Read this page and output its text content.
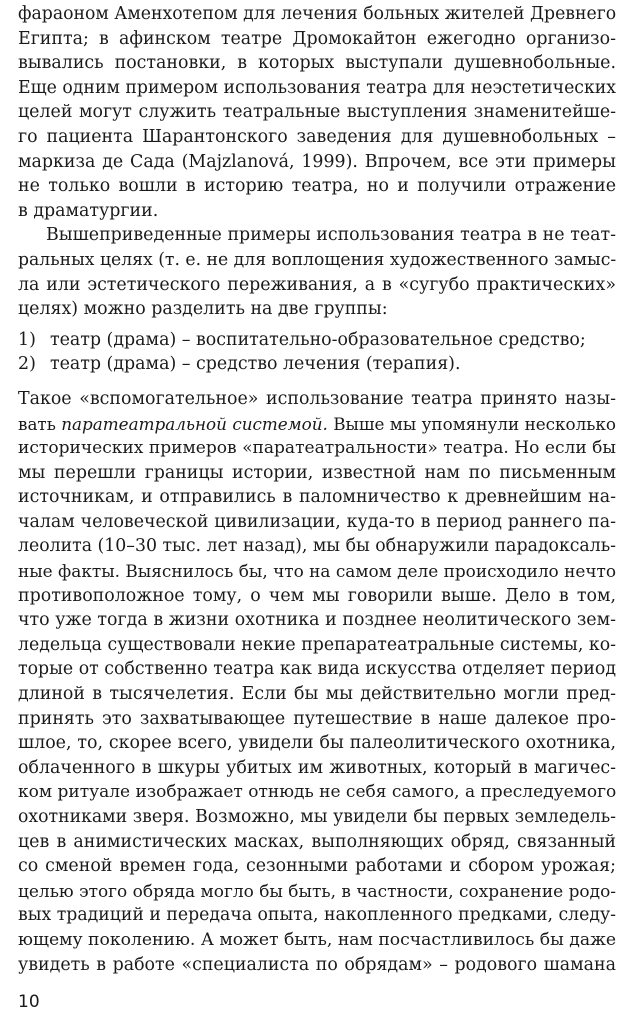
фараоном Аменхотепом для лечения больных жителей Древнего
Египта; в афинском театре Дромокайтон ежегодно организо-
вывались постановки, в которых выступали душевнобольные.
Еще одним примером использования театра для неэстетических
целей могут служить театральные выступления знаменитейше-
го пациента Шарантонского заведения для душевнобольных –
маркиза де Сада (Majzlanová, 1999). Впрочем, все эти примеры
не только вошли в историю театра, но и получили отражение
в драматургии.
Вышеприведенные примеры использования театра в не теат-
ральных целях (т. е. не для воплощения художественного замыс-
ла или эстетического переживания, а в «сугубо практических»
целях) можно разделить на две группы:
1) театр (драма) – воспитательно-образовательное средство;
2) театр (драма) – средство лечения (терапия).
Такое «вспомогательное» использование театра принято назы-
вать паратеатральной системой. Выше мы упомянули несколько
исторических примеров «паратеатральности» театра. Но если бы
мы перешли границы истории, известной нам по письменным
источникам, и отправились в паломничество к древнейшим на-
чалам человеческой цивилизации, куда-то в период раннего па-
леолита (10–30 тыс. лет назад), мы бы обнаружили парадоксаль-
ные факты. Выяснилось бы, что на самом деле происходило нечто
противоположное тому, о чем мы говорили выше. Дело в том,
что уже тогда в жизни охотника и позднее неолитического зем-
ледельца существовали некие препаратеатральные системы, ко-
торые от собственно театра как вида искусства отделяет период
длиной в тысячелетия. Если бы мы действительно могли пред-
принять это захватывающее путешествие в наше далекое про-
шлое, то, скорее всего, увидели бы палеолитического охотника,
облаченного в шкуры убитых им животных, который в магичес-
ком ритуале изображает отнюдь не себя самого, а преследуемого
охотниками зверя. Возможно, мы увидели бы первых земледель-
цев в анимистических масках, выполняющих обряд, связанный
со сменой времен года, сезонными работами и сбором урожая;
целью этого обряда могло бы быть, в частности, сохранение родо-
вых традиций и передача опыта, накопленного предками, следу-
ющему поколению. А может быть, нам посчастливилось бы даже
увидеть в работе «специалиста по обрядам» – родового шамана
10
